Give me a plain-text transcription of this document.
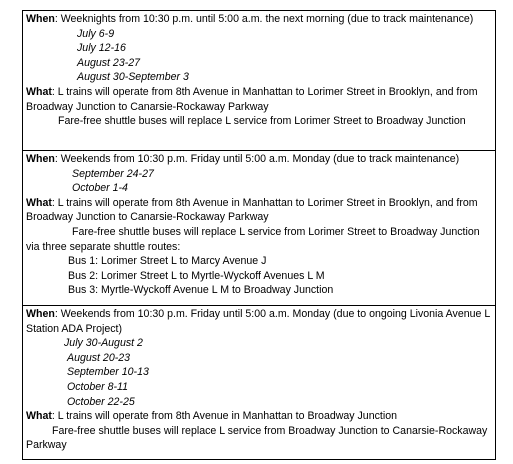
When: Weeknights from 10:30 p.m. until 5:00 a.m. the next morning (due to track maintenance)
July 6-9
July 12-16
August 23-27
August 30-September 3
What: L trains will operate from 8th Avenue in Manhattan to Lorimer Street in Brooklyn, and from Broadway Junction to Canarsie-Rockaway Parkway
Fare-free shuttle buses will replace L service from Lorimer Street to Broadway Junction
When: Weekends from 10:30 p.m. Friday until 5:00 a.m. Monday (due to track maintenance)
September 24-27
October 1-4
What: L trains will operate from 8th Avenue in Manhattan to Lorimer Street in Brooklyn, and from Broadway Junction to Canarsie-Rockaway Parkway
Fare-free shuttle buses will replace L service from Lorimer Street to Broadway Junction via three separate shuttle routes:
Bus 1: Lorimer Street L to Marcy Avenue J
Bus 2: Lorimer Street L to Myrtle-Wyckoff Avenues L M
Bus 3: Myrtle-Wyckoff Avenue L M to Broadway Junction
When: Weekends from 10:30 p.m. Friday until 5:00 a.m. Monday (due to ongoing Livonia Avenue L Station ADA Project)
July 30-August 2
August 20-23
September 10-13
October 8-11
October 22-25
What: L trains will operate from 8th Avenue in Manhattan to Broadway Junction
Fare-free shuttle buses will replace L service from Broadway Junction to Canarsie-Rockaway Parkway
